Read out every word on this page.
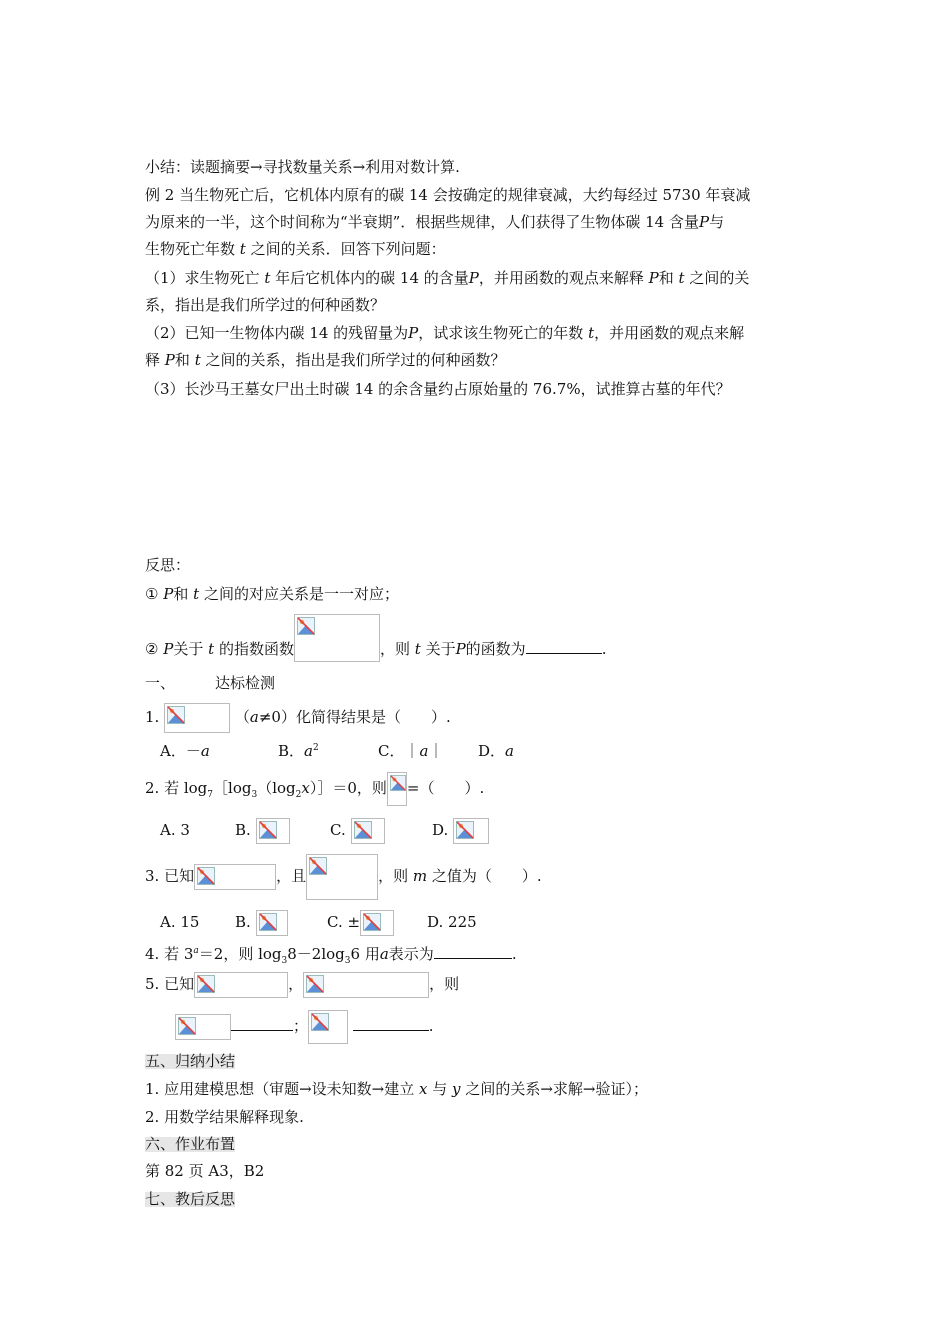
小结：读题摘要→寻找数量关系→利用对数计算.
例 2 当生物死亡后，它机体内原有的碳 14 会按确定的规律衰减，大约每经过 5730 年衰减
为原来的一半，这个时间称为“半衰期”．根据些规律，人们获得了生物体碳 14 含量P与
生物死亡年数 t 之间的关系．回答下列问题：
（1）求生物死亡 t 年后它机体内的碳 14 的含量P，并用函数的观点来解释 P和 t 之间的关
系，指出是我们所学过的何种函数？
（2）已知一生物体内碳 14 的残留量为P，试求该生物死亡的年数 t，并用函数的观点来解
释 P和 t 之间的关系，指出是我们所学过的何种函数？
（3）长沙马王墓女尸出土时碳 14 的余含量约占原始量的 76.7%，试推算古墓的年代？
反思：
① P和 t 之间的对应关系是一一对应；
② P关于 t 的指数函数	，则 t 关于P的函数为	.
一、	达标检测
1.	（a≠0）化简得结果是（　　）.
A．－a	B．$a^2$	C．｜a｜ D．a
2. 若 $\log_7[\log_3(\log_2x)]=0$，则 =（　　）.
A. 3	B.	C.	D.
3. 已知	，且	，则 m 之值为（　　）.
A. 15 B.	C. ±	D. 225
4. 若 $3^a=2$，则 $\log_38-2\log_36$ 用a表示为	.
5. 已知	，	，则
；	.
五、归纳小结
1. 应用建模思想（审题→设未知数→建立 x 与 y 之间的关系→求解→验证）；
2. 用数学结果解释现象.
六、作业布置
第 82 页 A3，B2
七、教后反思
